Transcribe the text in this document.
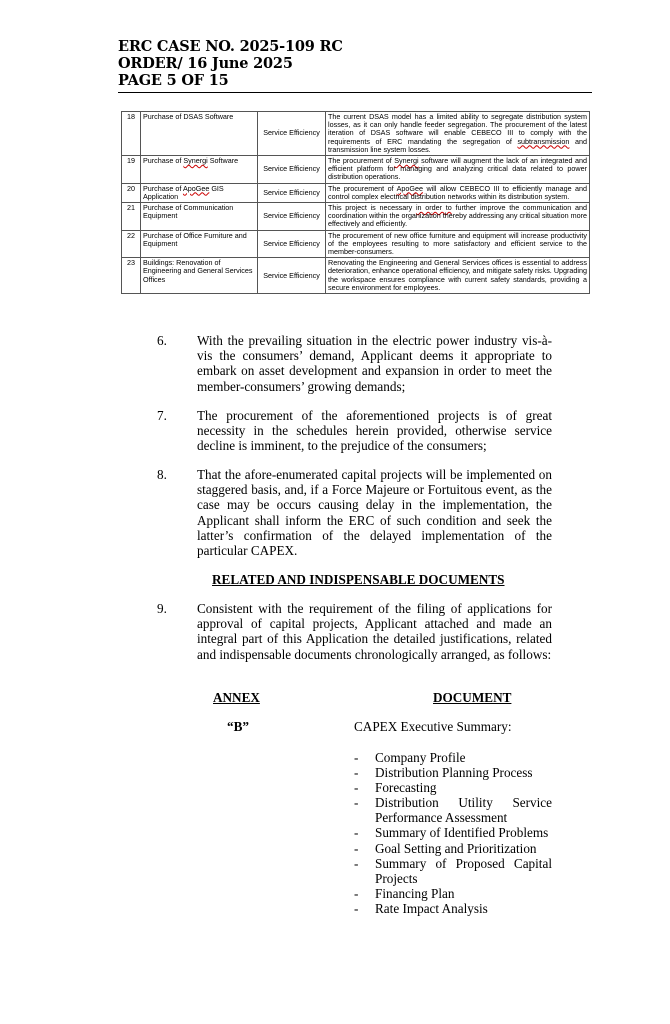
ERC CASE NO. 2025-109 RC
ORDER/ 16 June 2025
PAGE 5 OF 15
18	Purchase of DSAS Software	Service Efficiency	The current DSAS model has a limited ability to segregate distribution system losses, as it can only handle feeder segregation. The procurement of the latest iteration of DSAS software will enable CEBECO III to comply with the requirements of ERC mandating the segregation of subtransmission and transmission line system losses.
19	Purchase of Synergi Software	Service Efficiency	The procurement of Synergi software will augment the lack of an integrated and efficient platform for managing and analyzing critical data related to power distribution operations.
20	Purchase of ApoGee GIS Application	Service Efficiency	The procurement of ApoGee will allow CEBECO III to efficiently manage and control complex electrical distribution networks within its distribution system.
21	Purchase of Communication Equipment	Service Efficiency	This project is necessary in order to further improve the communication and coordination within the organization thereby addressing any critical situation more effectively and efficiently.
22	Purchase of Office Furniture and Equipment	Service Efficiency	The procurement of new office furniture and equipment will increase productivity of the employees resulting to more satisfactory and efficient service to the member-consumers.
23	Buildings: Renovation of Engineering and General Services Offices	Service Efficiency	Renovating the Engineering and General Services offices is essential to address deterioration, enhance operational efficiency, and mitigate safety risks. Upgrading the workspace ensures compliance with current safety standards, providing a secure environment for employees.
6. With the prevailing situation in the electric power industry vis-à-vis the consumers’ demand, Applicant deems it appropriate to embark on asset development and expansion in order to meet the member-consumers’ growing demands;
7. The procurement of the aforementioned projects is of great necessity in the schedules herein provided, otherwise service decline is imminent, to the prejudice of the consumers;
8. That the afore-enumerated capital projects will be implemented on staggered basis, and, if a Force Majeure or Fortuitous event, as the case may be occurs causing delay in the implementation, the Applicant shall inform the ERC of such condition and seek the latter’s confirmation of the delayed implementation of the particular CAPEX.
RELATED AND INDISPENSABLE DOCUMENTS
9. Consistent with the requirement of the filing of applications for approval of capital projects, Applicant attached and made an integral part of this Application the detailed justifications, related and indispensable documents chronologically arranged, as follows:
ANNEX	DOCUMENT
“B”	CAPEX Executive Summary:
- Company Profile
- Distribution Planning Process
- Forecasting
- Distribution Utility Service Performance Assessment
- Summary of Identified Problems
- Goal Setting and Prioritization
- Summary of Proposed Capital Projects
- Financing Plan
- Rate Impact Analysis
